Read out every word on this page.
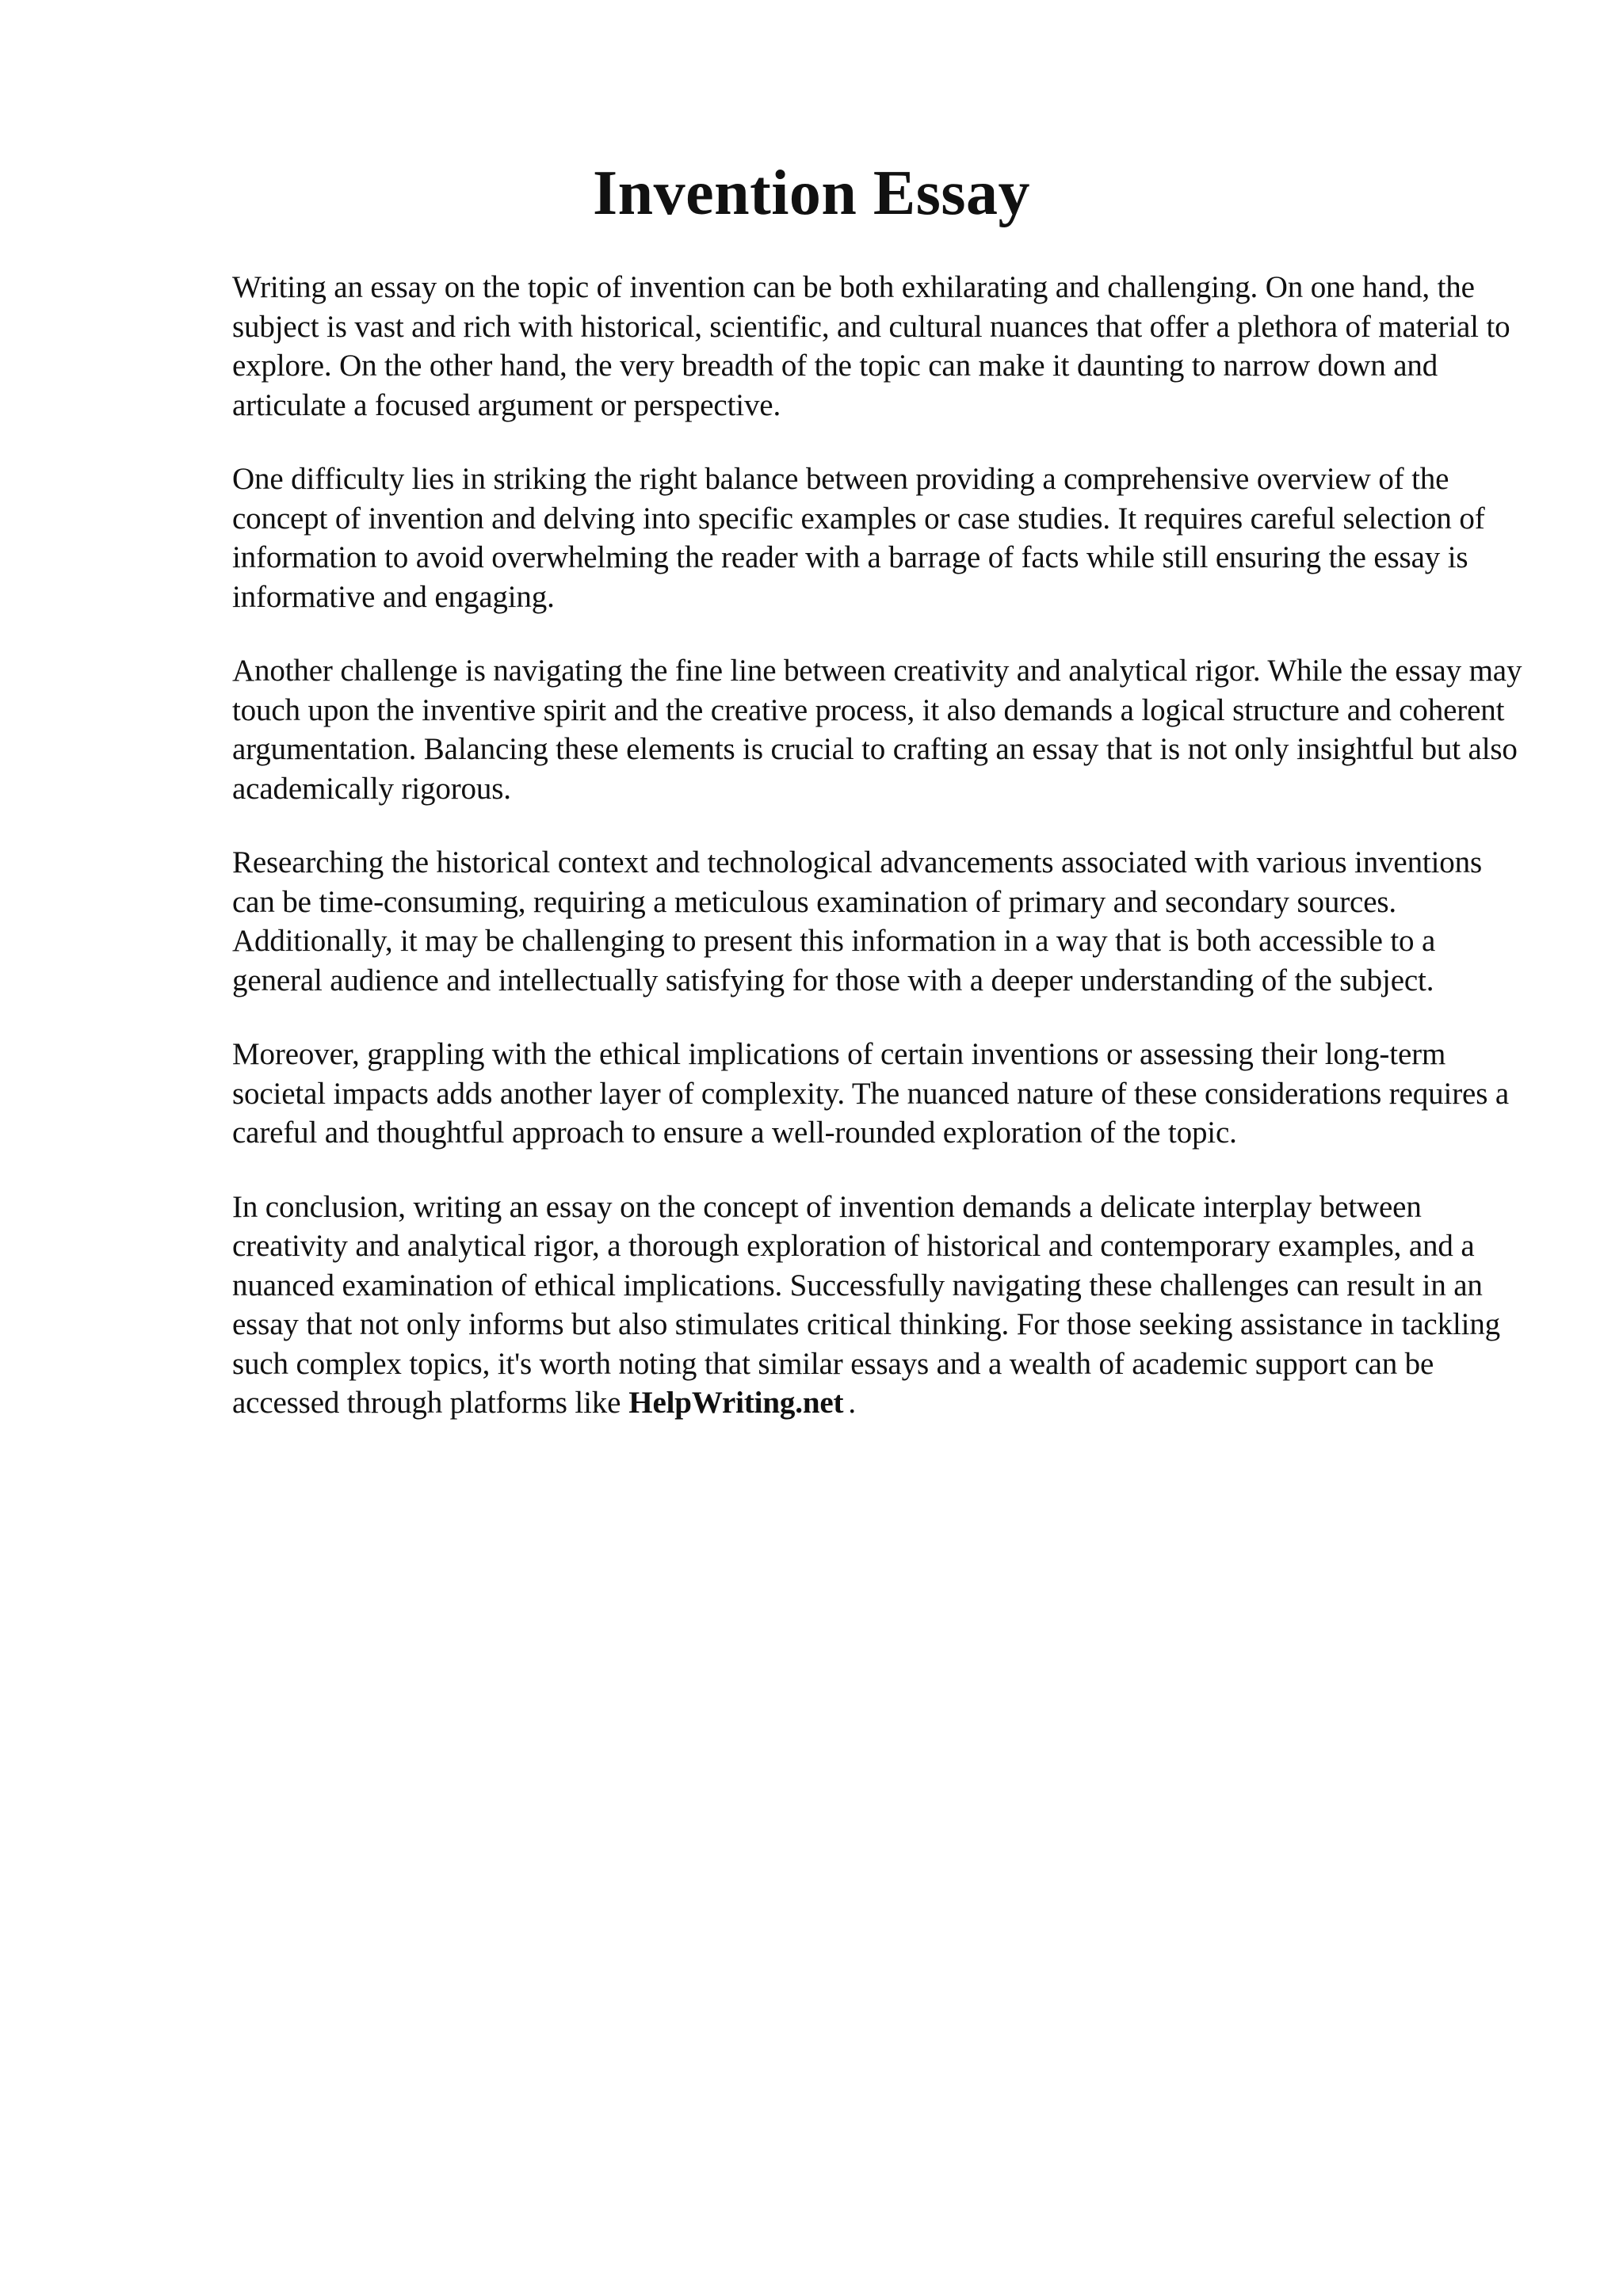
Invention Essay

Writing an essay on the topic of invention can be both exhilarating and challenging. On one hand, the subject is vast and rich with historical, scientific, and cultural nuances that offer a plethora of material to explore. On the other hand, the very breadth of the topic can make it daunting to narrow down and articulate a focused argument or perspective.

One difficulty lies in striking the right balance between providing a comprehensive overview of the concept of invention and delving into specific examples or case studies. It requires careful selection of information to avoid overwhelming the reader with a barrage of facts while still ensuring the essay is informative and engaging.

Another challenge is navigating the fine line between creativity and analytical rigor. While the essay may touch upon the inventive spirit and the creative process, it also demands a logical structure and coherent argumentation. Balancing these elements is crucial to crafting an essay that is not only insightful but also academically rigorous.

Researching the historical context and technological advancements associated with various inventions can be time-consuming, requiring a meticulous examination of primary and secondary sources. Additionally, it may be challenging to present this information in a way that is both accessible to a general audience and intellectually satisfying for those with a deeper understanding of the subject.

Moreover, grappling with the ethical implications of certain inventions or assessing their long-term societal impacts adds another layer of complexity. The nuanced nature of these considerations requires a careful and thoughtful approach to ensure a well-rounded exploration of the topic.

In conclusion, writing an essay on the concept of invention demands a delicate interplay between creativity and analytical rigor, a thorough exploration of historical and contemporary examples, and a nuanced examination of ethical implications. Successfully navigating these challenges can result in an essay that not only informs but also stimulates critical thinking. For those seeking assistance in tackling such complex topics, it's worth noting that similar essays and a wealth of academic support can be accessed through platforms like HelpWriting.net .
